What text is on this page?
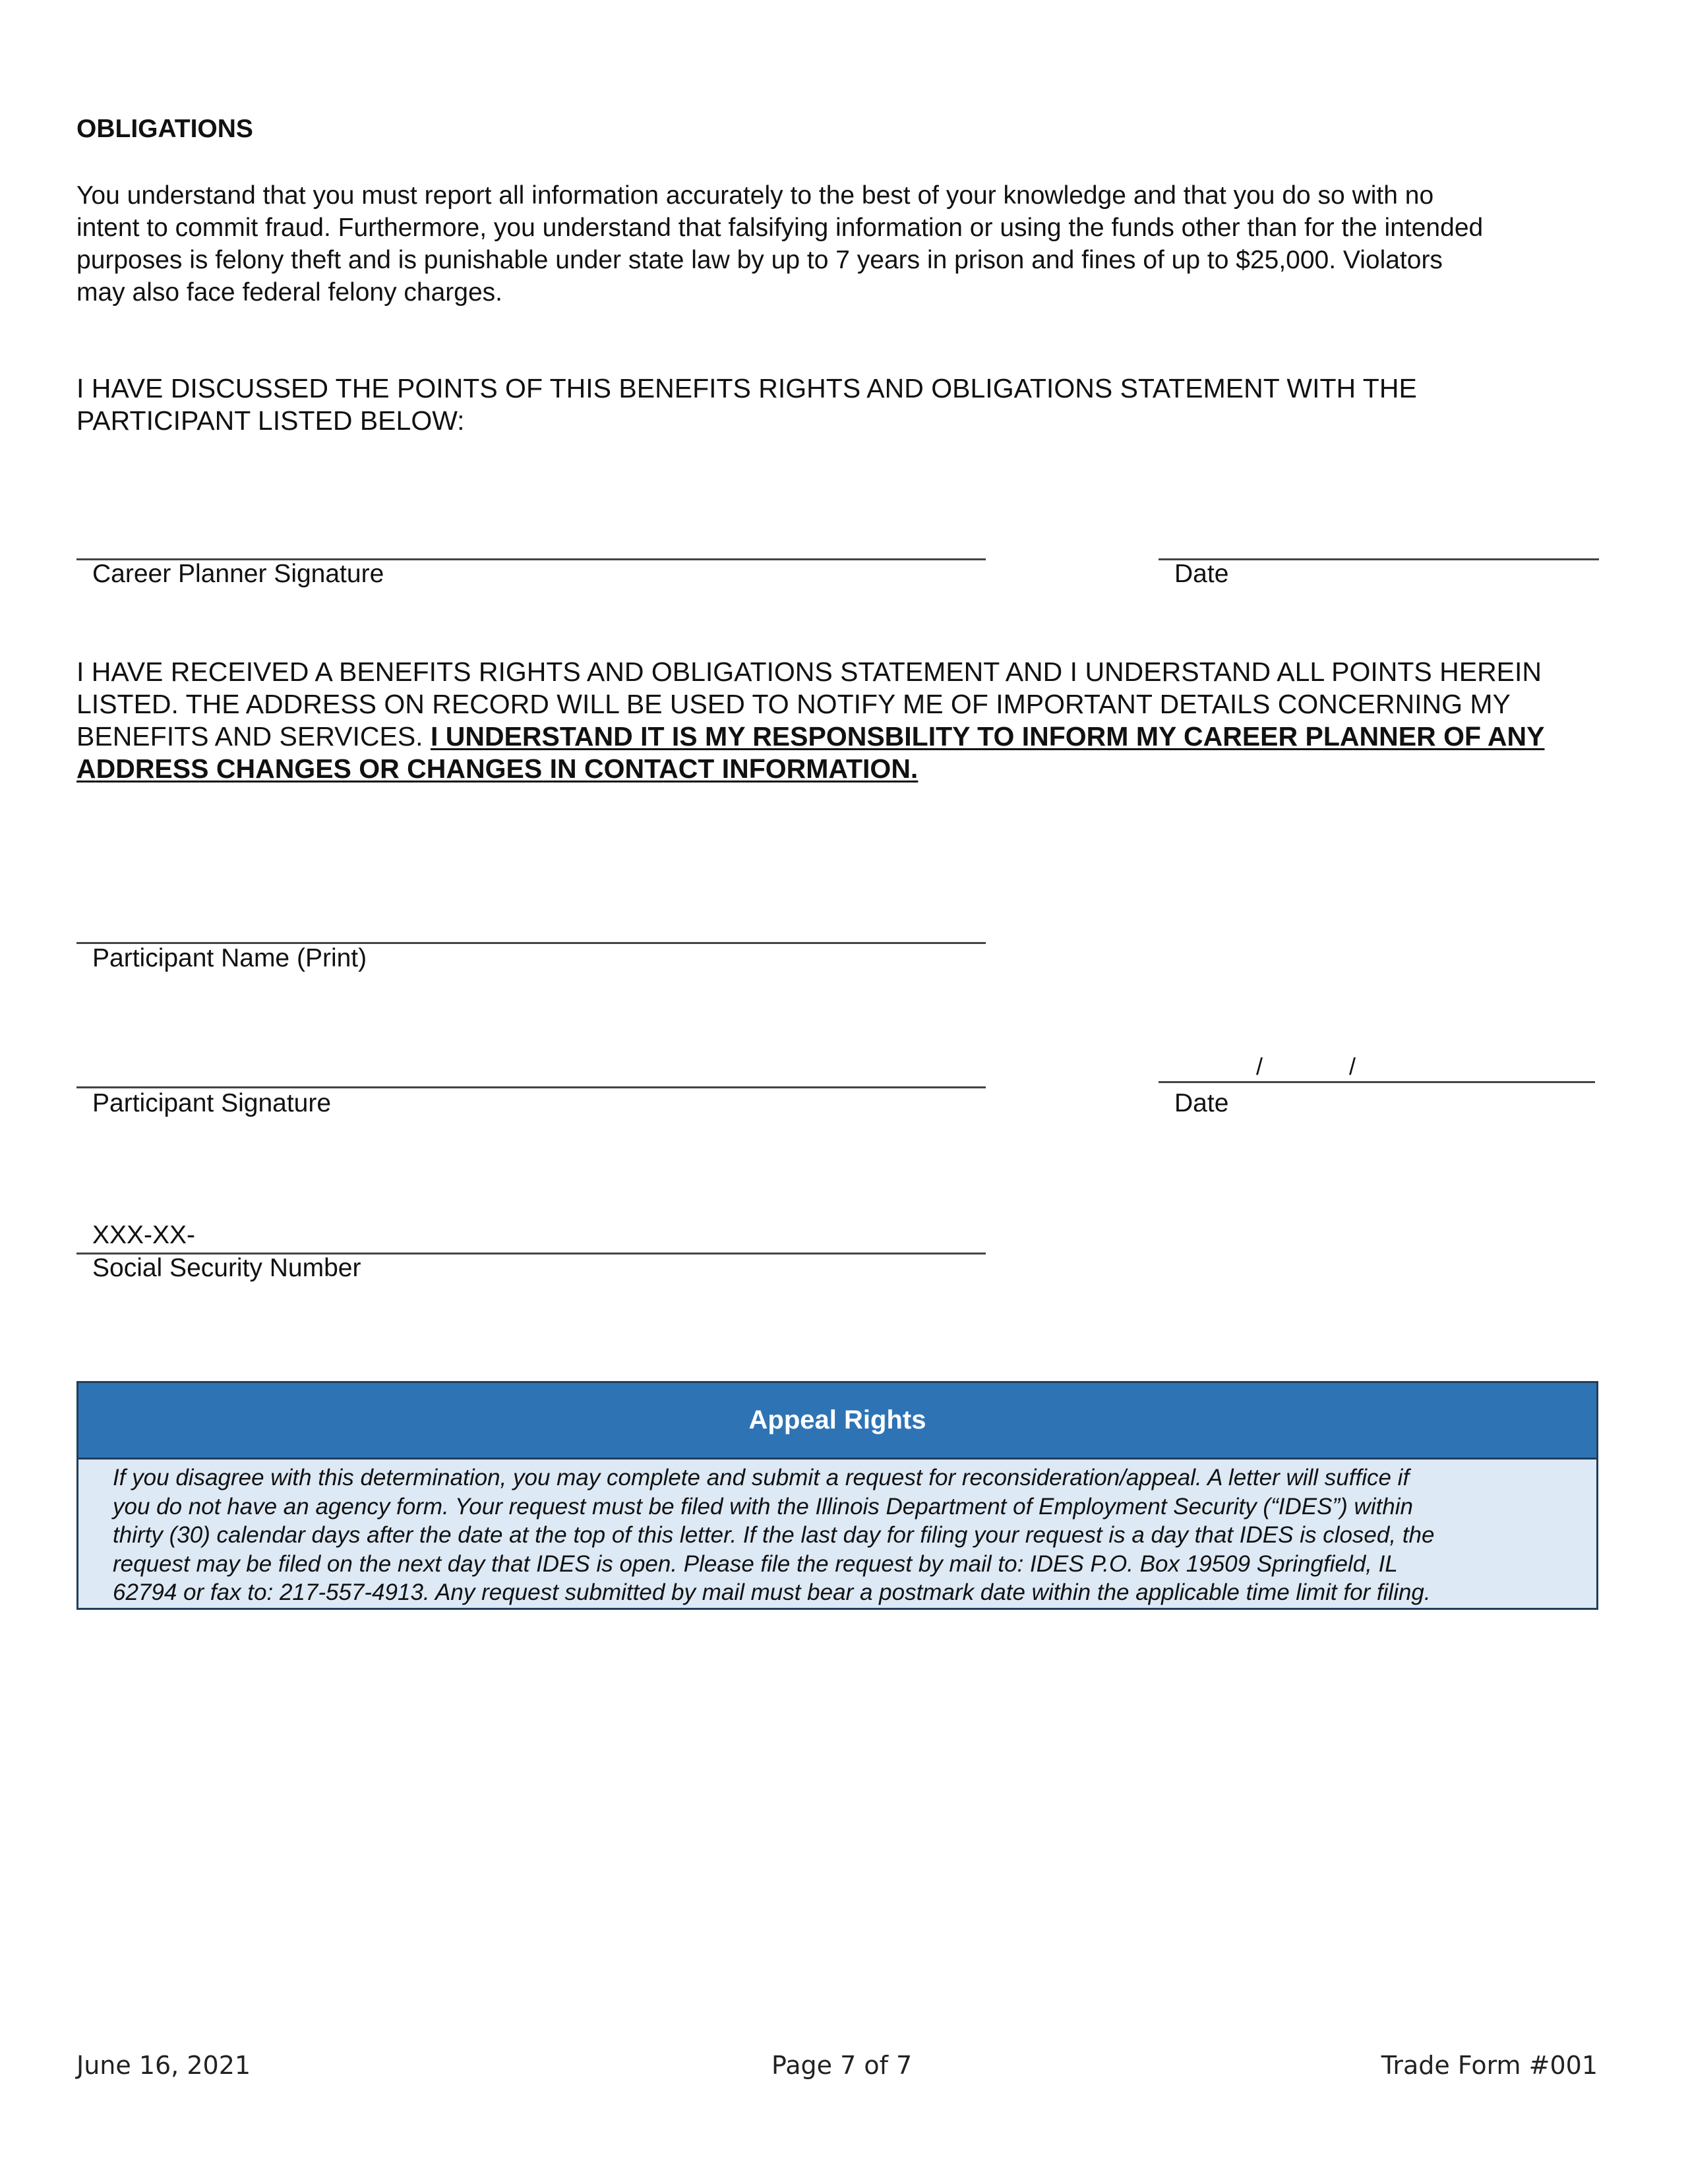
OBLIGATIONS
You understand that you must report all information accurately to the best of your knowledge and that you do so with no
intent to commit fraud. Furthermore, you understand that falsifying information or using the funds other than for the intended
purposes is felony theft and is punishable under state law by up to 7 years in prison and fines of up to $25,000. Violators
may also face federal felony charges.
I HAVE DISCUSSED THE POINTS OF THIS BENEFITS RIGHTS AND OBLIGATIONS STATEMENT WITH THE
PARTICIPANT LISTED BELOW:
Career Planner Signature	Date
I HAVE RECEIVED A BENEFITS RIGHTS AND OBLIGATIONS STATEMENT AND I UNDERSTAND ALL POINTS HEREIN
LISTED. THE ADDRESS ON RECORD WILL BE USED TO NOTIFY ME OF IMPORTANT DETAILS CONCERNING MY
BENEFITS AND SERVICES. I UNDERSTAND IT IS MY RESPONSBILITY TO INFORM MY CAREER PLANNER OF ANY
ADDRESS CHANGES OR CHANGES IN CONTACT INFORMATION.
Participant Name (Print)
Participant Signature
/	/
Date
XXX-XX-
Social Security Number
Appeal Rights
If you disagree with this determination, you may complete and submit a request for reconsideration/appeal. A letter will suffice if
you do not have an agency form. Your request must be filed with the Illinois Department of Employment Security (“IDES”) within
thirty (30) calendar days after the date at the top of this letter. If the last day for filing your request is a day that IDES is closed, the
request may be filed on the next day that IDES is open. Please file the request by mail to: IDES P.O. Box 19509 Springfield, IL
62794 or fax to: 217-557-4913. Any request submitted by mail must bear a postmark date within the applicable time limit for filing.
June 16, 2021	Page 7 of 7	Trade Form #001
